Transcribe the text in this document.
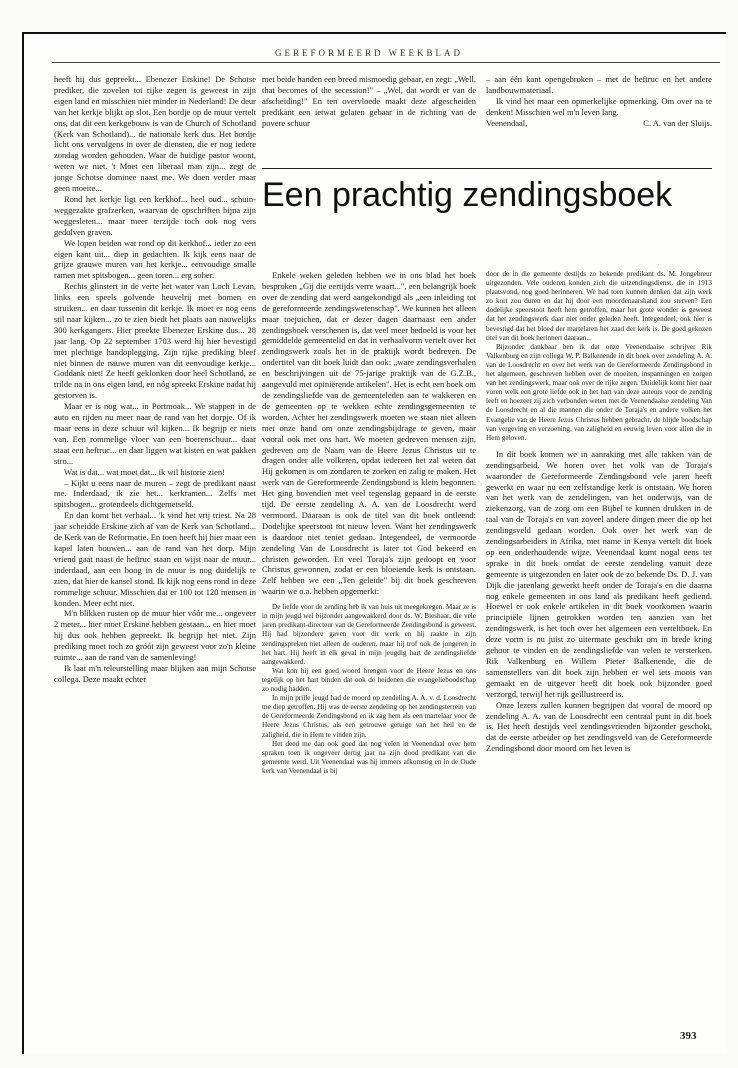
GEREFORMEERD WEEKBLAD

heeft hij dus gepreekt... Ebenezer Erskine! De Schotse prediker, die zovelen tot rijke zegen is geweest in zijn eigen land en misschien niet minder in Nederland! De deur van het kerkje blijkt op slot. Een bordje op de muur vertelt ons, dat dit een kerkgebouw is van de Church of Schotland (Kerk van Schotland)... de nationale kerk dus. Het bordje licht ons vervolgens in over de diensten, die er nog iedere zondag worden gehouden. Waar de huidige pastor woont, weten we niet. 't Moet een liberaal man zijn... zegt de jonge Schotse dominee naast me. We doen verder maar geen moeite...

Rond het kerkje ligt een kerkhof... heel oud... schuin-weggezakte grafzerken, waarvan de opschriften bijna zijn weggesleten... maar meer terzijde toch ook nog vers gedolven graven.

We lopen beiden wat rond op dit kerkhof... ieder zo een eigen kant uit... diep in gedachten. Ik kijk eens naar de grijze grauwe muren van het kerkje... eenvoudige smalle ramen met spitsbogen... geen toren... erg sober.

Rechts glinstert in de verte het water van Loch Levan, links een speels golvende heuvelrij met bomen en struiken... en daar tussenin dit kerkje. Ik moet er nog eens stil naar kijken... zo te zien biedt het plaats aan nauwelijks 300 kerkgangers. Hier preekte Ebenezer Erskine dus... 28 jaar lang. Op 22 september 1703 werd hij hier bevestigd met plechtige handoplegging. Zijn rijke prediking bleef niet binnen de nauwe muren van dit eenvoudige kerkje... Goddank niet! Ze heeft geklonken door heel Schotland, ze trilde na in ons eigen land, en nóg spreekt Erskine nadat hij gestorven is.

Maar er is nog wat... in Portmoak... We stappen in de auto en rijden nu meer naar de rand van het dorpje. Of ik maar eens in deze schuur wil kijken... Ik begrijp er niets van. Een rommelige vloer van een boerenschuur... daar staat een heftruc... en daar liggen wat kisten en wat pakken stro...

Wat is dat... wat moet dat... ik wil historie zien!

– Kijkt u eens naar de muren – zegt de predikant naast me. Inderdaad, ik zie het... kerkramen... Zelfs met spitsbogen... grotendeels dichtgemetseld.

En dan komt het verhaal... 'k vind het vrij triest. Na 28 jaar scheidde Erskine zich af van de Kerk van Schotland... de Kerk van de Reformatie. En toen heeft hij hier maar een kapel laten bouwen... aan de rand van het dorp. Mijn vriend gaat naast de heftruc staan en wijst naar de muur... inderdaad, aan een boog in de muur is nog duidelijk te zien, dat hier de kansel stond. Ik kijk nog eens rond in deze rommelige schuur. Misschien dat er 100 tot 120 mensen in konden. Meer echt niet.

M'n blikken rusten op de muur hier vóór me... ongeveer 2 meter... hier moet Erskine hebben gestaan... en hier moet hij dus ook hebben gepreekt. Ik begrijp het niet. Zijn prediking moet toch zo gróót zijn geweest voor zo'n kleine ruimte... aan de rand van de samenleving!

Ik laat m'n teleurstelling maar blijken aan mijn Schotse collega. Deze maakt echter

met beide handen een breed mismoedig gebaar, en zegt: „Well, that becomes of the secession!" – „Wel, dat wordt er van de afscheiding!" En ten overvloede maakt deze afgescheiden predikant een ietwat gelaten gebaar in de richting van de povere schuur

– aan één kant opengebroken – met de heftruc en het andere landbouwmateriaal.

Ik vind het maar een opmerkelijke opmerking. Om over na te denken! Misschien wel m'n leven lang.

Veenendaal,	C. A. van der Sluijs.
Een prachtig zendingsboek

Enkele weken geleden hebben we in ons blad het boek besproken „Gij die eertijds verre waart...", een belangrijk boek over de zending dat werd aangekondigd als „een inleiding tot de gereformeerde zendingswetenschap". We kunnen het alleen maar toejuichen, dat er dezer dagen daarnaast een ander zendingsboek verschenen is, dat veel meer bedoeld is voor het gemiddelde gemeentelid en dat in verhaalvorm vertelt over het zendingswerk zoals het in de praktijk wordt bedreven. De ondertitel van dit boek luidt dan ook: „ware zendingsverhalen en beschrijvingen uit de 75-jarige praktijk van de G.Z.B., aangevuld met opiniërende artikelen". Het is echt een boek om de zendingsliefde van de gemeenteleden aan te wakkeren en de gemeenten op te wekken echte zendingsgemeenten te worden. Achter het zendingswerk moeten we staan niet alleen met onze hand om onze zendingsbijdrage te geven, maar vooral ook met ons hart. We moeten gedreven mensen zijn, gedreven om de Naam van de Heere Jezus Christus uit te dragen onder alle volkeren, opdat iedereen het zal weten dat Hij gekomen is om zondaren te zoeken en zalig te maken. Het werk van de Gereformeerde Zendingsbond is klein begonnen. Het ging bovendien met veel tegenslag gepaard in de eerste tijd. De eerste zendeling A. A. van de Loosdrecht werd vermoord. Daaraan is ook de titel van dit boek ontleend: Dodelijke speerstoot tot nieuw leven. Want het zendingswerk is daardoor niet teniet gedaan. Integendeel, de vermoorde zendeling Van de Loosdrecht is later tot God bekeerd en christen geworden. En veel Toraja's zijn gedoopt en voor Christus gewonnen, zodat er een bloeiende kerk is ontstaan. Zelf hebben we een „Ten geleide" bij dit boek geschreven waarin we o.a. hebben opgemerkt:

De liefde voor de zending heb ik van huis uit meegekregen. Maar ze is in mijn jeugd wel bijzonder aangewakkerd door ds. W. Bieshaar, die vele jaren predikant-directeur van de Gereformeerde Zendingsbond is geweest. Hij had bijzondere gaven voor dit werk en hij raakte in zijn zendingspreken niet alleen de ouderen, maar hij trof ook de jongeren in het hart. Hij heeft in elk geval in mijn jeugdig hart de zendingsliefde aangewakkerd.

Wat kon hij een goed woord brengen voor de Heere Jezus en ons tegelijk op het hart binden dat ook de heidenen die evangelieboodschap zo nodig hadden.

In mijn prille jeugd had de moord op zendeling A. A. v. d. Loosdrecht me diep getroffen. Hij was de eerste zendeling op het zendingsterrein van de Gereformeerde Zendingsbond en ik zag hem als een martelaar voor de Heere Jezus Christus, als een getrouwe getuige van het heil en de zaligheid, die in Hem te vinden zijn.

Het deed me dan ook goed dat nog velen in Veenendaal over hem spraken toen ik ongeveer dertig jaar na zijn dood predikant van die gemeente werd. Uit Veenendaal was hij immers afkomstig en in de Oude kerk van Veenendaal is bij

door de in die gemeente destijds zo bekende predikant ds. M. Jongebreur uitgezonden. Vele ouderen konden zich die uitzendingsdienst, die in 1913 plaatsvond, nog goed herinneren. We had toen kunnen denken dat zijn werk zo kort zou duren en dat hij door een moordenaarshand zou sterven? Een dodelijke speerstoot heeft hem getroffen, maar het grote wonder is geweest dat het zendingswerk daar niet onder geleden heeft. Integendeel, ook hier is bevestigd dat het bloed der martelaren het zaad der kerk is. De goed gekozen titel van dit boek herinnert daaraan...

Bijzonder dankbaar ben ik dat onze Veenendaalse schrijver Rik Valkenburg en zijn collega W. P. Balkenende in dit boek over zendeling A. A. van de Loosdrecht en over het werk van de Gereformeerde Zendingsbond in het algemeen, geschreven hebben over de moeiten, inspanningen en zorgen van het zendingswerk, maar ook over de rijke zegen. Duidelijk komt hier naar voren welk een grote liefde ook in het hart van deze auteurs voor de zending leeft en hoezeer zij zich verbonden weten met de Veenendaalse zendeling Van de Loosdrecht en al die mannen die onder de Toraja's en andere volken het Evangelie van de Heere Jezus Christus hebben gebracht, de blijde boodschap van vergeving en verzoening, van zaligheid en eeuwig leven voor allen die in Hem geloven.

In dit boek komen we in aanraking met alle takken van de zendingsarbeid. We horen over het volk van de Toraja's waaronder de Gereformeerde Zendingsbond vele jaren heeft gewerkt en waar nu een zelfstandige kerk is ontstaan. We horen van het werk van de zendelingen, van het onderwijs, van de ziekenzorg, van de zorg om een Bijbel te kunnen drukken in de taal van de Toraja's en van zoveel andere dingen meer die op het zendingsveld gedaan worden. Ook over het werk van de zendingsarbeiders in Afrika, met name in Kenya vertelt dit boek op een onderhoudende wijze. Veenendaal komt nogal eens ter sprake in dit boek omdat de eerste zendeling vanuit deze gemeente is uitgezonden en later ook de zo bekende Ds. D. J. van Dijk die jarenlang gewerkt heeft onder de Toraja's en die daarna nog enkele gemeenten in ons land als predikant heeft gediend. Hoewel er ook enkele artikelen in dit boek voorkomen waarin principiële lijnen getrokken worden ten aanzien van het zendingswerk, is het toch over het algemeen een verteltboek. En deze vorm is nu juist zo uitermate geschikt om in brede kring gehoor te vinden en de zendingsliefde van velen te versterken. Rik Valkenburg en Willem Pieter Balkenende, die de samenstellers van dit boek zijn hebben er wel iets moois van gemaakt en de uitgever heeft dit boek ook bijzonder goed verzorgd, terwijl het rijk geïllustreerd is.

Onze lezers zullen kunnen begrijpen dat vooral de moord op zendeling A. A. van de Loosdrecht een centraal punt in dit boek is. Het heeft destijds veel zendingsvrienden bijzonder geschokt, dat de eerste arbeider op het zendingsveld van de Gereformeerde Zendingsbond door moord om het leven is

393
